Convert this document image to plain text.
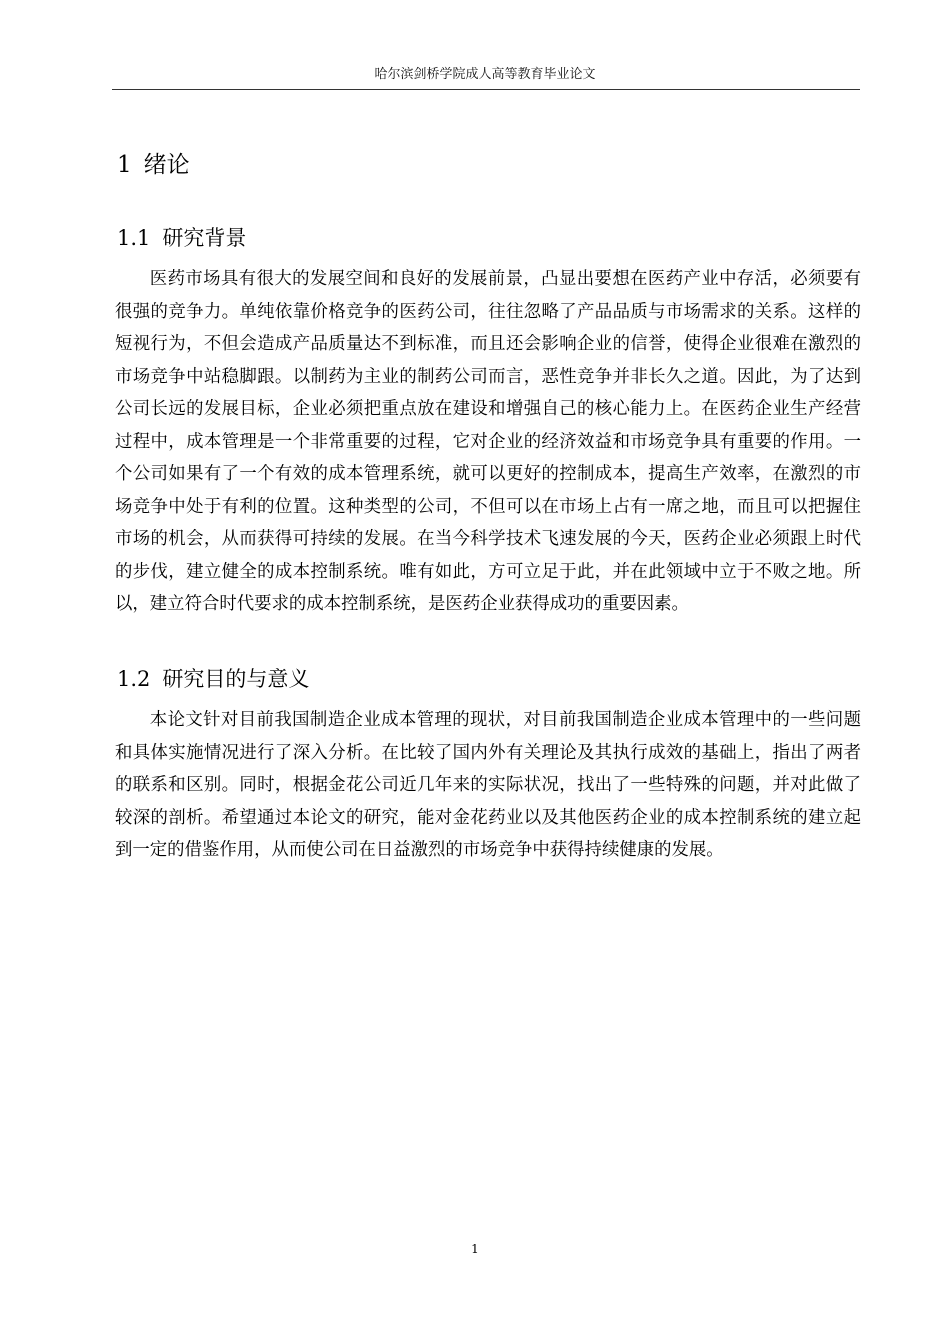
哈尔滨剑桥学院成人高等教育毕业论文
1 绪论
1.1 研究背景

医药市场具有很大的发展空间和良好的发展前景，凸显出要想在医药产业中存活，必须要有很强的竞争力。单纯依靠价格竞争的医药公司，往往忽略了产品品质与市场需求的关系。这样的短视行为，不但会造成产品质量达不到标准，而且还会影响企业的信誉，使得企业很难在激烈的市场竞争中站稳脚跟。以制药为主业的制药公司而言，恶性竞争并非长久之道。因此，为了达到公司长远的发展目标，企业必须把重点放在建设和增强自己的核心能力上。在医药企业生产经营过程中，成本管理是一个非常重要的过程，它对企业的经济效益和市场竞争具有重要的作用。一个公司如果有了一个有效的成本管理系统，就可以更好的控制成本，提高生产效率，在激烈的市场竞争中处于有利的位置。这种类型的公司，不但可以在市场上占有一席之地，而且可以把握住市场的机会，从而获得可持续的发展。在当今科学技术飞速发展的今天，医药企业必须跟上时代的步伐，建立健全的成本控制系统。唯有如此，方可立足于此，并在此领域中立于不败之地。所以，建立符合时代要求的成本控制系统，是医药企业获得成功的重要因素。

1.2 研究目的与意义

本论文针对目前我国制造企业成本管理的现状，对目前我国制造企业成本管理中的一些问题和具体实施情况进行了深入分析。在比较了国内外有关理论及其执行成效的基础上，指出了两者的联系和区别。同时，根据金花公司近几年来的实际状况，找出了一些特殊的问题，并对此做了较深的剖析。希望通过本论文的研究，能对金花药业以及其他医药企业的成本控制系统的建立起到一定的借鉴作用，从而使公司在日益激烈的市场竞争中获得持续健康的发展。

1
